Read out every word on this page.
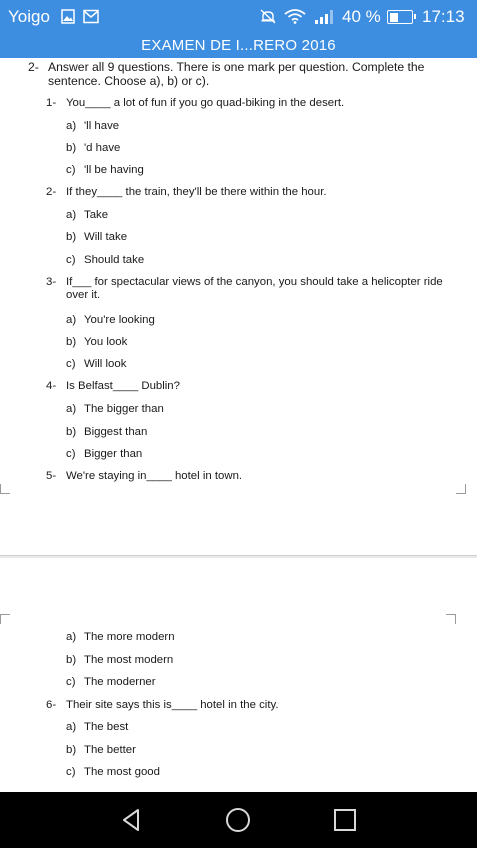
Yoigo	40 % 17:13
EXAMEN DE I...RERO 2016
2- Answer all 9 questions. There is one mark per question. Complete the sentence. Choose a), b) or c).
1- You____ a lot of fun if you go quad-biking in the desert.
a) 'll have
b) 'd have
c) 'll be having
2- If they____ the train, they'll be there within the hour.
a) Take
b) Will take
c) Should take
3- If___ for spectacular views of the canyon, you should take a helicopter ride over it.
a) You're looking
b) You look
c) Will look
4- Is Belfast____ Dublin?
a) The bigger than
b) Biggest than
c) Bigger than
5- We're staying in____ hotel in town.
a) The more modern
b) The most modern
c) The moderner
6- Their site says this is____ hotel in the city.
a) The best
b) The better
c) The most good
